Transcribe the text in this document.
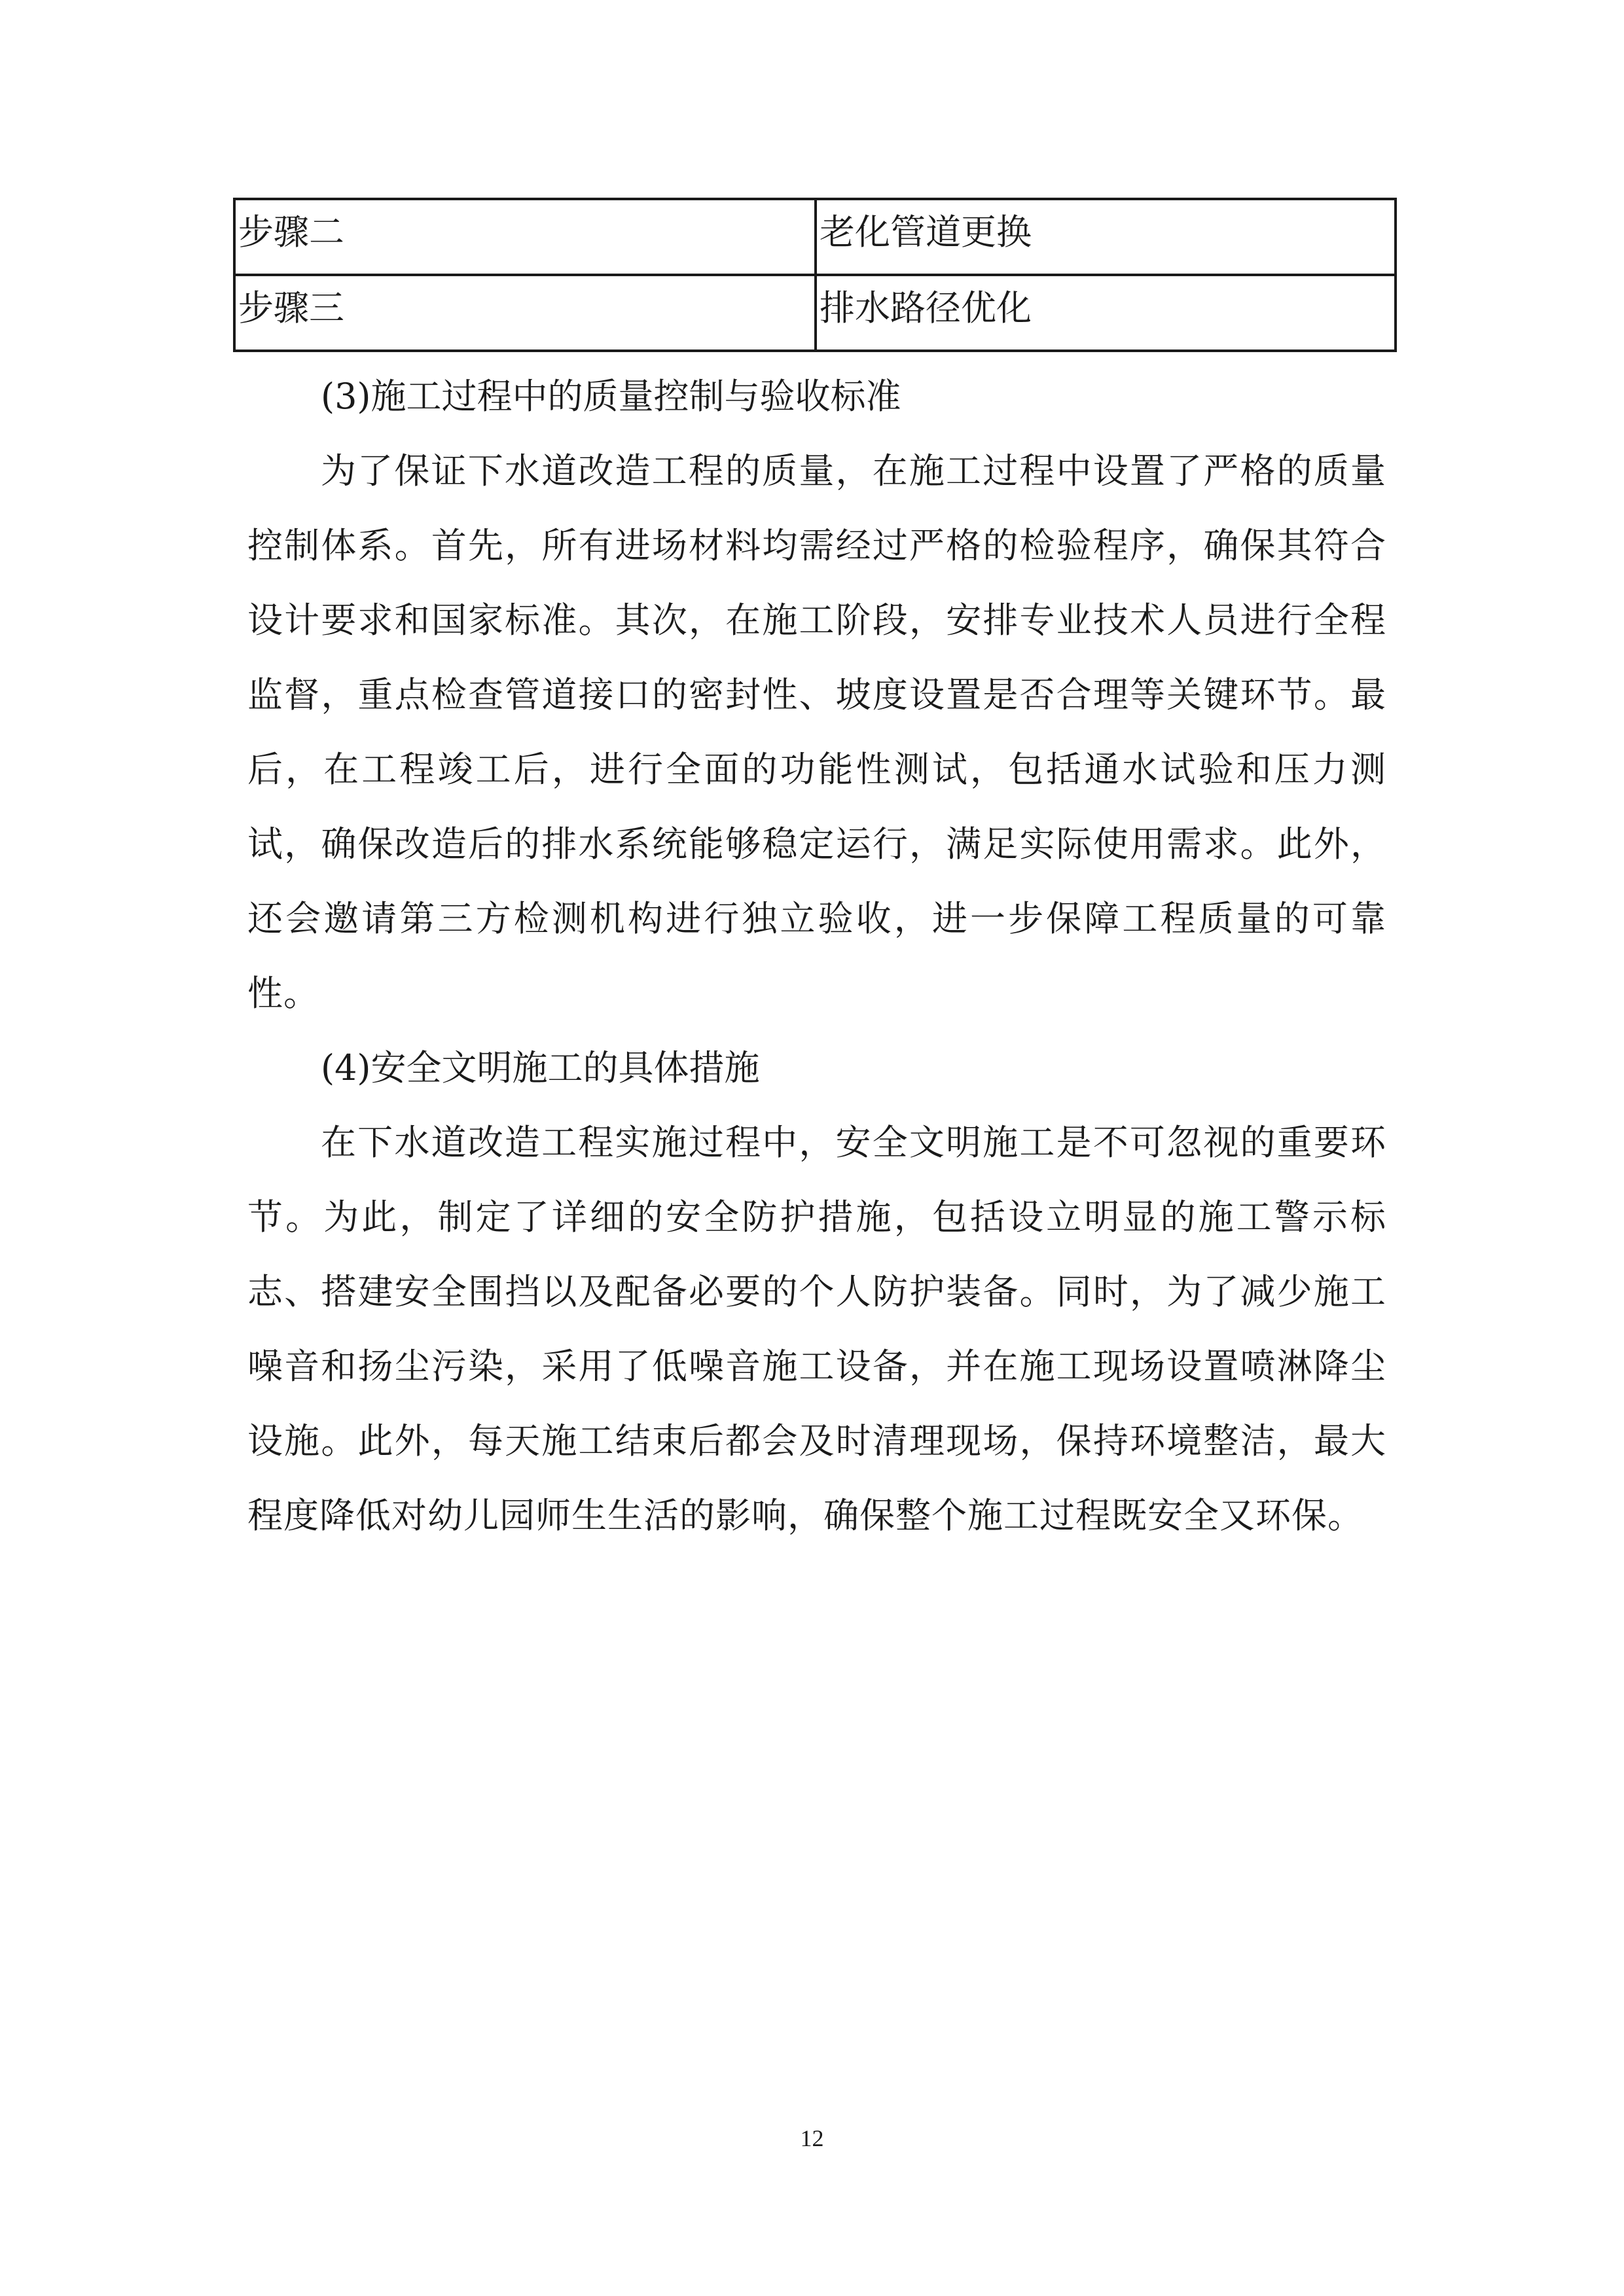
步骤二	老化管道更换
步骤三	排水路径优化
(3)施工过程中的质量控制与验收标准

为了保证下水道改造工程的质量，在施工过程中设置了严格的质量控制体系。首先，所有进场材料均需经过严格的检验程序，确保其符合设计要求和国家标准。其次，在施工阶段，安排专业技术人员进行全程监督，重点检查管道接口的密封性、坡度设置是否合理等关键环节。最后，在工程竣工后，进行全面的功能性测试，包括通水试验和压力测试，确保改造后的排水系统能够稳定运行，满足实际使用需求。此外，还会邀请第三方检测机构进行独立验收，进一步保障工程质量的可靠性。

(4)安全文明施工的具体措施

在下水道改造工程实施过程中，安全文明施工是不可忽视的重要环节。为此，制定了详细的安全防护措施，包括设立明显的施工警示标志、搭建安全围挡以及配备必要的个人防护装备。同时，为了减少施工噪音和扬尘污染，采用了低噪音施工设备，并在施工现场设置喷淋降尘设施。此外，每天施工结束后都会及时清理现场，保持环境整洁，最大程度降低对幼儿园师生生活的影响，确保整个施工过程既安全又环保。

12
